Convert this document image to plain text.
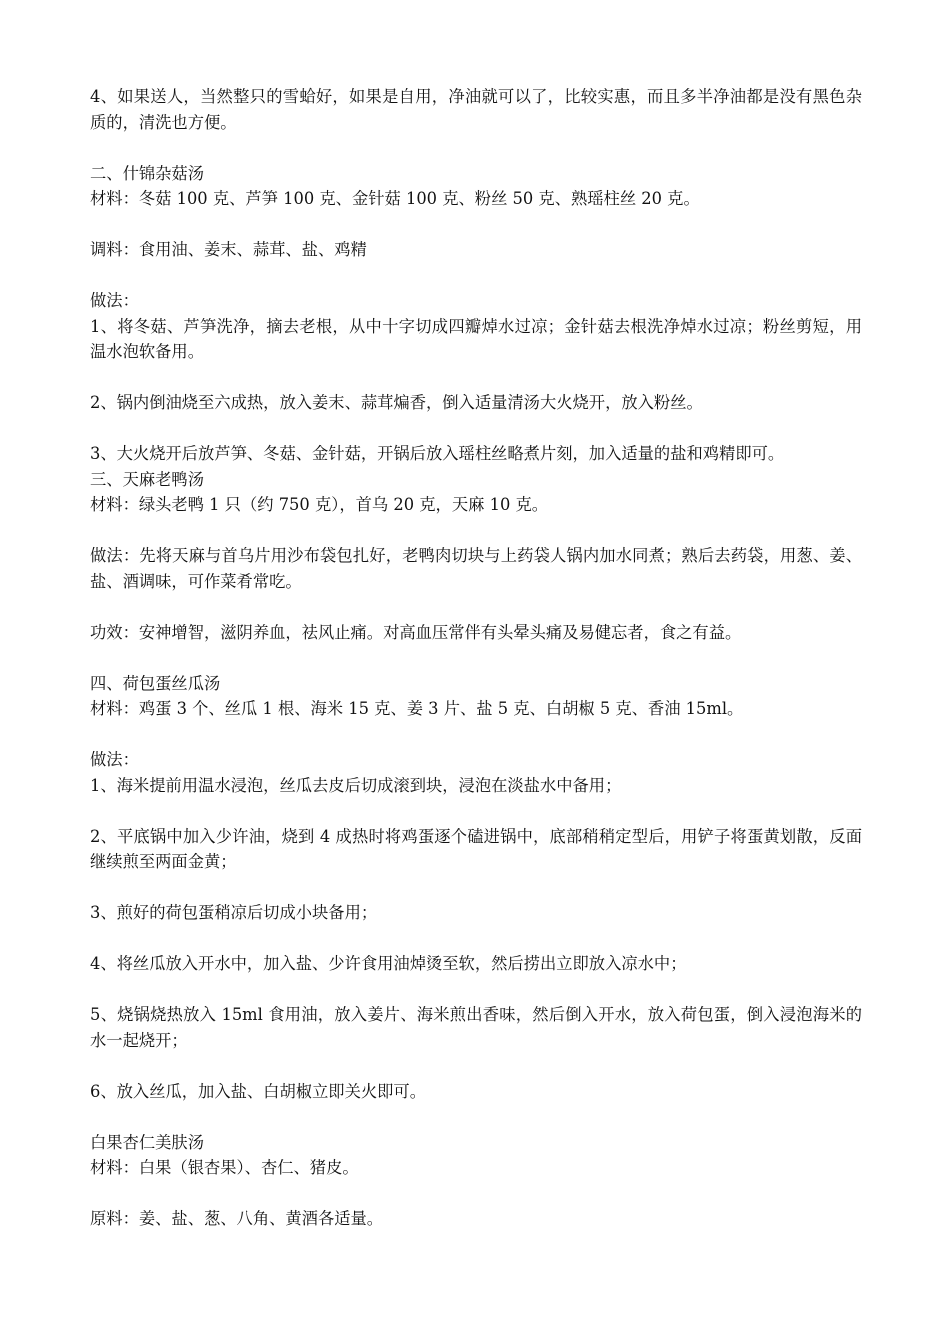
4、如果送人，当然整只的雪蛤好，如果是自用，净油就可以了，比较实惠，而且多半净油都是没有黑色杂质的，清洗也方便。

二、什锦杂菇汤

材料：冬菇 100 克、芦笋 100 克、金针菇 100 克、粉丝 50 克、熟瑶柱丝 20 克。

调料：食用油、姜末、蒜茸、盐、鸡精

做法：

1、将冬菇、芦笋洗净，摘去老根，从中十字切成四瓣焯水过凉；金针菇去根洗净焯水过凉；粉丝剪短，用温水泡软备用。

2、锅内倒油烧至六成热，放入姜末、蒜茸煸香，倒入适量清汤大火烧开，放入粉丝。

3、大火烧开后放芦笋、冬菇、金针菇，开锅后放入瑶柱丝略煮片刻，加入适量的盐和鸡精即可。

三、天麻老鸭汤

材料：绿头老鸭 1 只（约 750 克），首乌 20 克，天麻 10 克。

做法：先将天麻与首乌片用沙布袋包扎好，老鸭肉切块与上药袋人锅内加水同煮；熟后去药袋，用葱、姜、盐、酒调味，可作菜肴常吃。

功效：安神增智，滋阴养血，祛风止痛。对高血压常伴有头晕头痛及易健忘者，食之有益。

四、荷包蛋丝瓜汤

材料：鸡蛋 3 个、丝瓜 1 根、海米 15 克、姜 3 片、盐 5 克、白胡椒 5 克、香油 15ml。

做法：

1、海米提前用温水浸泡，丝瓜去皮后切成滚到块，浸泡在淡盐水中备用；

2、平底锅中加入少许油，烧到 4 成热时将鸡蛋逐个磕进锅中，底部稍稍定型后，用铲子将蛋黄划散，反面继续煎至两面金黄；

3、煎好的荷包蛋稍凉后切成小块备用；

4、将丝瓜放入开水中，加入盐、少许食用油焯烫至软，然后捞出立即放入凉水中；

5、烧锅烧热放入 15ml 食用油，放入姜片、海米煎出香味，然后倒入开水，放入荷包蛋，倒入浸泡海米的水一起烧开；

6、放入丝瓜，加入盐、白胡椒立即关火即可。

白果杏仁美肤汤

材料：白果（银杏果）、杏仁、猪皮。

原料：姜、盐、葱、八角、黄酒各适量。
